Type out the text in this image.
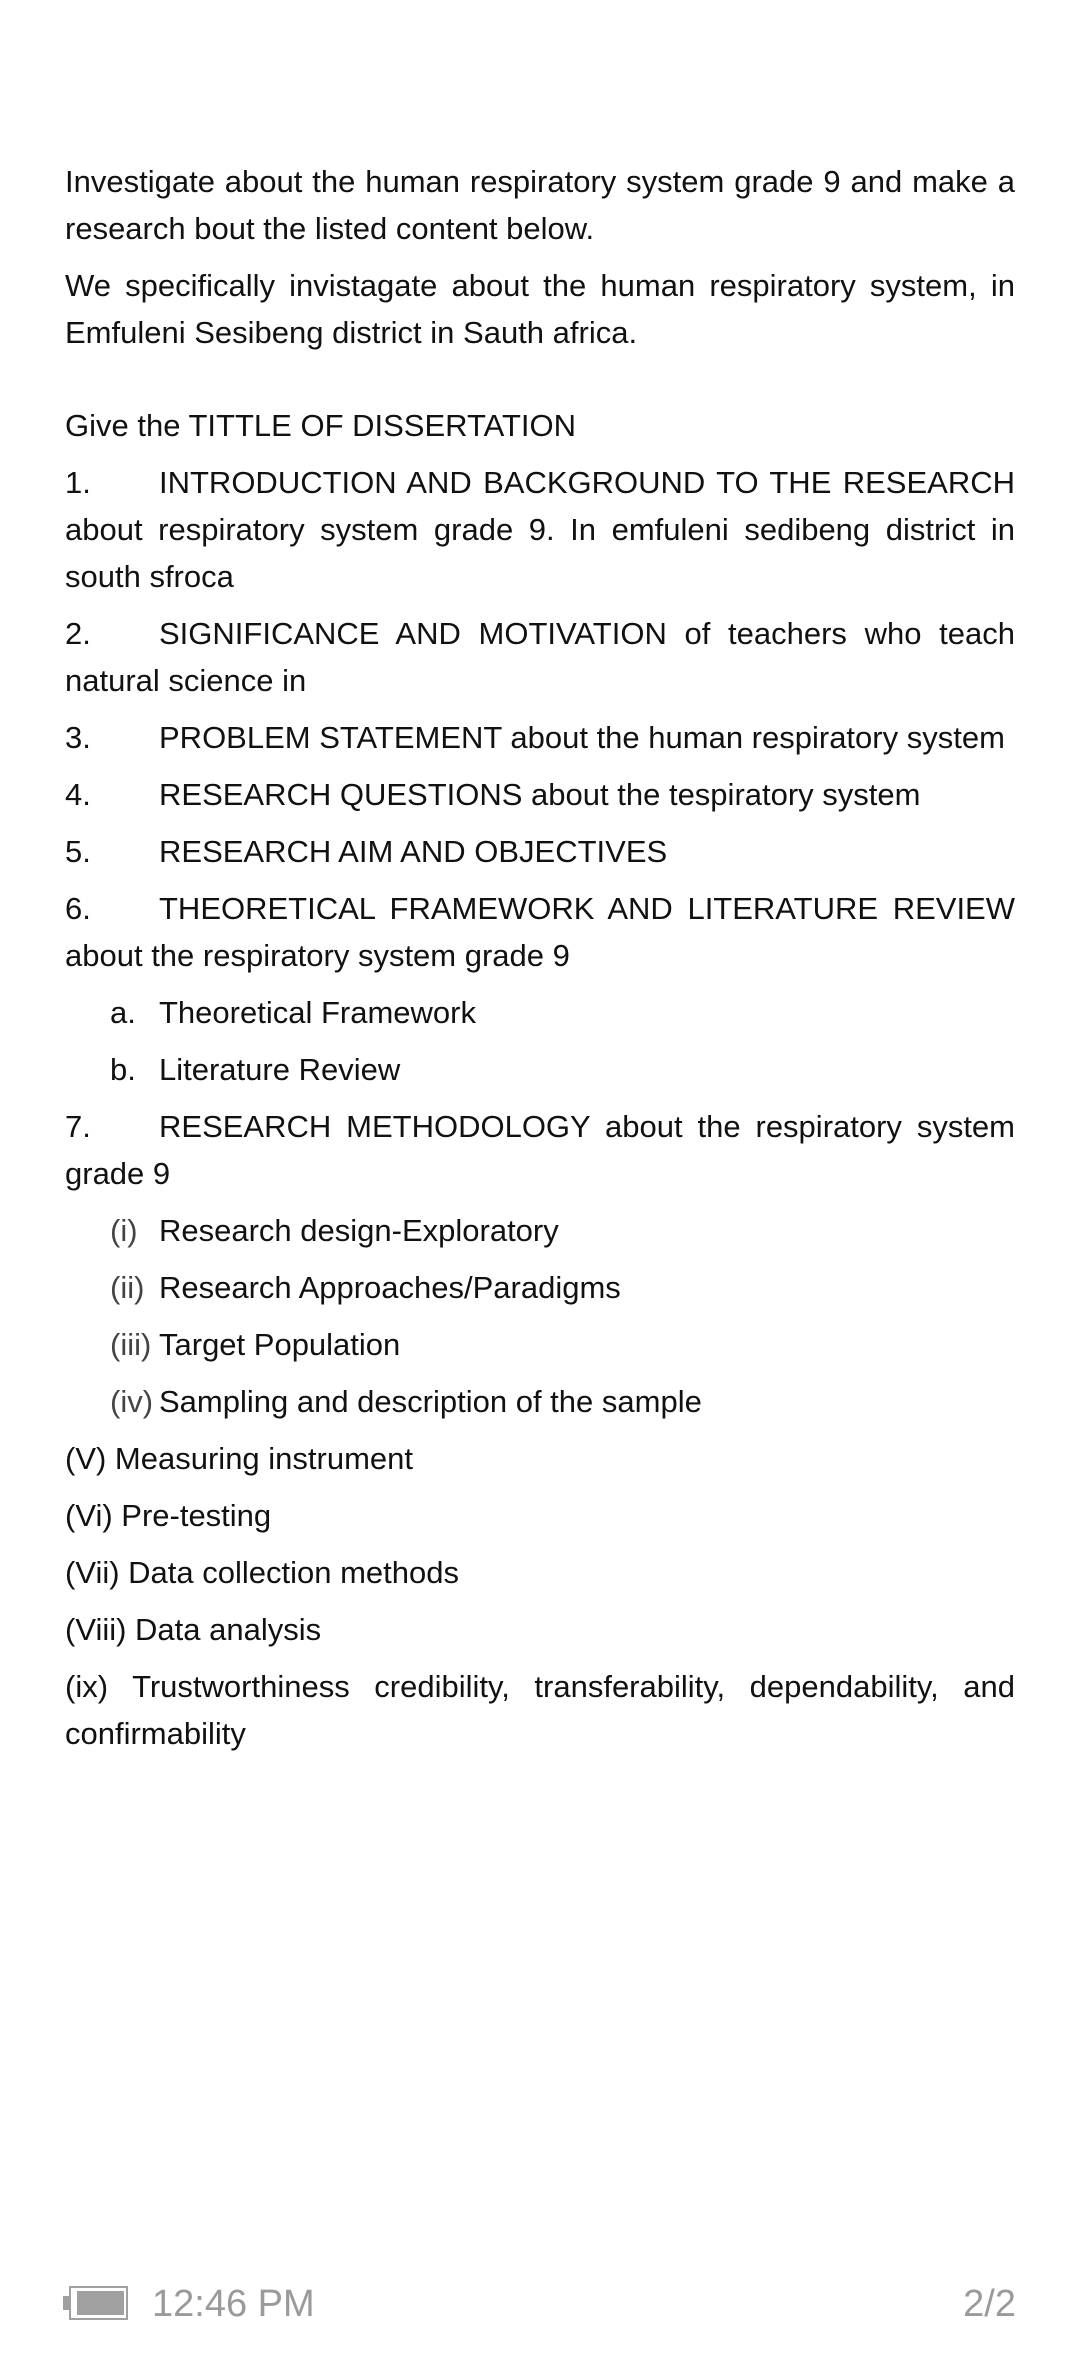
Investigate about the human respiratory system grade 9 and make a research bout the listed content below.

We specifically invistagate about the human respiratory system, in Emfuleni Sesibeng district in Sauth africa.

Give the TITTLE OF DISSERTATION

1. INTRODUCTION AND BACKGROUND TO THE RESEARCH about respiratory system grade 9. In emfuleni sedibeng district in south sfroca
2. SIGNIFICANCE AND MOTIVATION of teachers who teach natural science in
3. PROBLEM STATEMENT about the human respiratory system
4. RESEARCH QUESTIONS about the tespiratory system
5. RESEARCH AIM AND OBJECTIVES
6. THEORETICAL FRAMEWORK AND LITERATURE REVIEW about the respiratory system grade 9
a. Theoretical Framework
b. Literature Review
7. RESEARCH METHODOLOGY about the respiratory system grade 9
(i) Research design-Exploratory
(ii) Research Approaches/Paradigms
(iii) Target Population
(iv) Sampling and description of the sample

(V) Measuring instrument

(Vi) Pre-testing

(Vii) Data collection methods

(Viii) Data analysis

(ix) Trustworthiness credibility, transferability, dependability, and confirmability

12:46 PM	2/2
